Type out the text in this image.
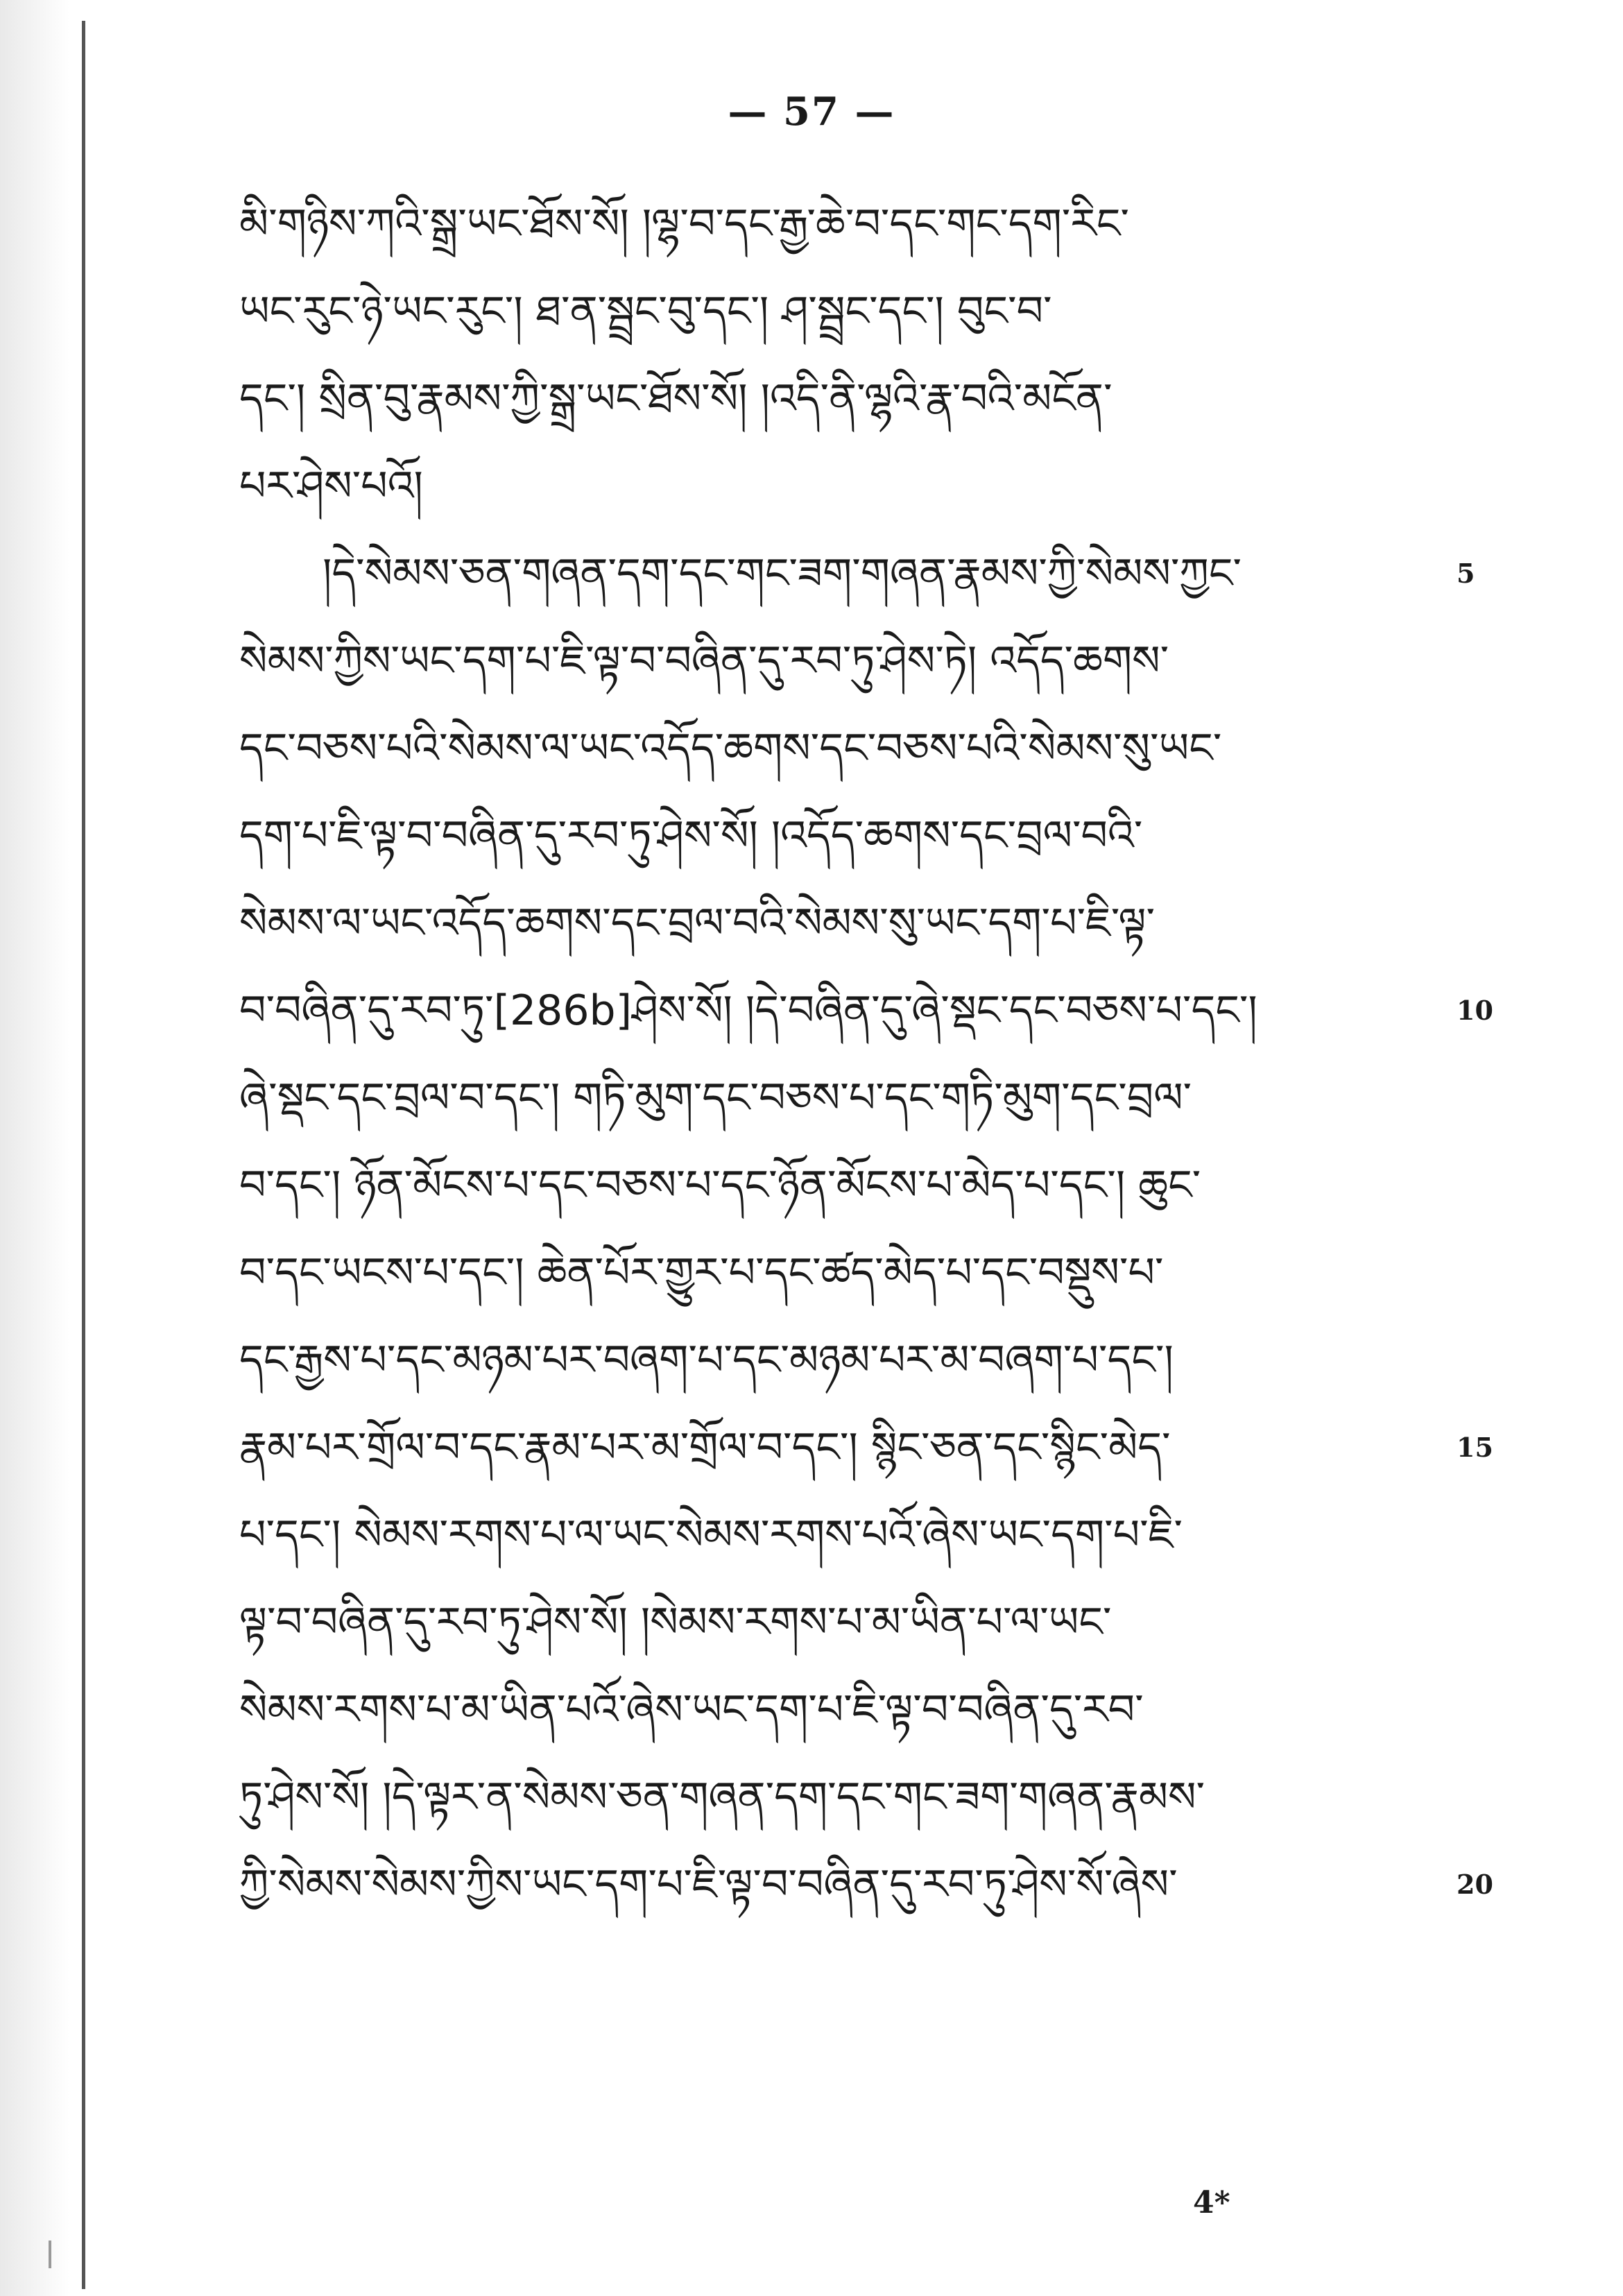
— 57 —
མི་གཉིས་ཀའི་སྒྲ་ཡང་ཐོས་སོ། །ལྷ་བ་དང་རྒྱ་ཆེ་བ་དང་གང་དག་རིང་
ཡང་རུང་ཉེ་ཡང་རུང་། ཐ་ན་སྦྲང་བུ་དང་། ཤ་སྦྲང་དང་། བུང་བ་
དང་། སྲིན་བུ་རྣམས་ཀྱི་སྒྲ་ཡང་ཐོས་སོ། །འདི་ནི་ལྷའི་རྣ་བའི་མངོན་
པར་ཤེས་པའོ།
།དེ་སེམས་ཅན་གཞན་དག་དང་གང་ཟག་གཞན་རྣམས་ཀྱི་སེམས་ཀྱང་	5
སེམས་ཀྱིས་ཡང་དག་པ་ཇི་ལྟ་བ་བཞིན་དུ་རབ་ཏུ་ཤེས་ཏེ། འདོད་ཆགས་
དང་བཅས་པའི་སེམས་ལ་ཡང་འདོད་ཆགས་དང་བཅས་པའི་སེམས་སུ་ཡང་
དག་པ་ཇི་ལྟ་བ་བཞིན་དུ་རབ་ཏུ་ཤེས་སོ། །འདོད་ཆགས་དང་བྲལ་བའི་
སེམས་ལ་ཡང་འདོད་ཆགས་དང་བྲལ་བའི་སེམས་སུ་ཡང་དག་པ་ཇི་ལྟ་
བ་བཞིན་དུ་རབ་ཏུ་[286b]ཤེས་སོ། །དེ་བཞིན་དུ་ཞེ་སྡང་དང་བཅས་པ་དང་།	10
ཞེ་སྡང་དང་བྲལ་བ་དང་། གཏི་མུག་དང་བཅས་པ་དང་གཏི་མུག་དང་བྲལ་
བ་དང་། ཉོན་མོངས་པ་དང་བཅས་པ་དང་ཉོན་མོངས་པ་མེད་པ་དང་། ཆུང་
བ་དང་ཡངས་པ་དང་། ཆེན་པོར་གྱུར་པ་དང་ཚད་མེད་པ་དང་བསྡུས་པ་
དང་རྒྱས་པ་དང་མཉམ་པར་བཞག་པ་དང་མཉམ་པར་མ་བཞག་པ་དང་།
རྣམ་པར་གྲོལ་བ་དང་རྣམ་པར་མ་གྲོལ་བ་དང་། སྙིང་ཅན་དང་སྙིང་མེད་	15
པ་དང་། སེམས་རགས་པ་ལ་ཡང་སེམས་རགས་པའོ་ཞེས་ཡང་དག་པ་ཇི་
ལྟ་བ་བཞིན་དུ་རབ་ཏུ་ཤེས་སོ། །སེམས་རགས་པ་མ་ཡིན་པ་ལ་ཡང་
སེམས་རགས་པ་མ་ཡིན་པའོ་ཞེས་ཡང་དག་པ་ཇི་ལྟ་བ་བཞིན་དུ་རབ་
ཏུ་ཤེས་སོ། །དེ་ལྟར་ན་སེམས་ཅན་གཞན་དག་དང་གང་ཟག་གཞན་རྣམས་
ཀྱི་སེམས་སེམས་ཀྱིས་ཡང་དག་པ་ཇི་ལྟ་བ་བཞིན་དུ་རབ་ཏུ་ཤེས་སོ་ཞེས་	20
4*
